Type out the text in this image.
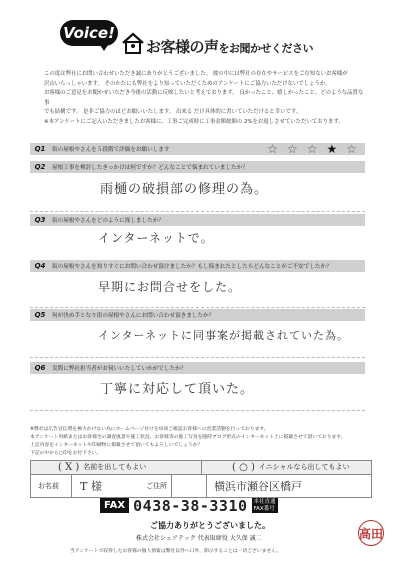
Voice!
お客様の声をお聞かせください
この度は弊社にお問い合わせいただき誠にありがとうございました。 彼の中には弊社の存在やサービスをご存知ないお客様が
沢山いらっしゃいます。 そのかたにも弊社をより知っていただくためのアンケートにご協力いただけないでしょうか。
お客様のご意見をお聞かせいただき今後の活動に反映したいと考えております。 良かったこと、嬉しかったこと、どのような品質な事
でも結構です。 是非ご協力のほどお願いいたします。 出来る だけ具体的に書いていただけると幸いです。
※本アンケートにご記入いただきましたお客様に、工事ご完成時に工事金額総額の 2%をお返しさせていただいております。
Q1	街の屋根やさんを５段階で評価をお願いします	☆ ☆ ☆ ★ ☆
Q2	屋根工事を検討したきっかけは何ですか？どんなことで悩まれていましたか？
雨樋の破損部の修理の為。
Q3	街の屋根やさんをどのように探しましたか？
インターネットで。
Q4	街の屋根やさんを知りすぐにお問い合わせ頂けましたか？もし悩まれたとしたらどんなことがご不安でしたか？
早期にお問合せをした。
Q5	何が決め手となり街の屋根やさんにお問い合わせ頂きましたか？
インターネットに同事案が掲載されていた為。
Q6	実際に弊社担当者がお伺いいたしていかがでしたか？
丁寧に対応して頂いた。
※弊社は広告宣伝費を極力かけない為にホームページ付けを毎回ご確認お客様への営業活動を行っております。
本アンケート用紙またはお客様宅の調査風景や施工状況、お客様等の施工写真を随時ブログ形式のインターネット上に掲載させて頂いております。
上記内容をインターネットや印刷物に掲載させて頂いてもよろしいでしょうか？
下記の中から○印をお付下さい。
( X ) 名前を出してもよい	( ○ ) イニシャルなら出してもよい
お名前 T 様	ご住所	横浜市瀬谷区橋戸
FAX 0438-38-3310	本社直通
FAX番号
ご協力ありがとうございました。
株式会社シェアテック 代表取締役 大久保 誠二
当アンケートで収得したお客様の個人情報は弊社以外へ口外、開示することは一切ございません。
高田
